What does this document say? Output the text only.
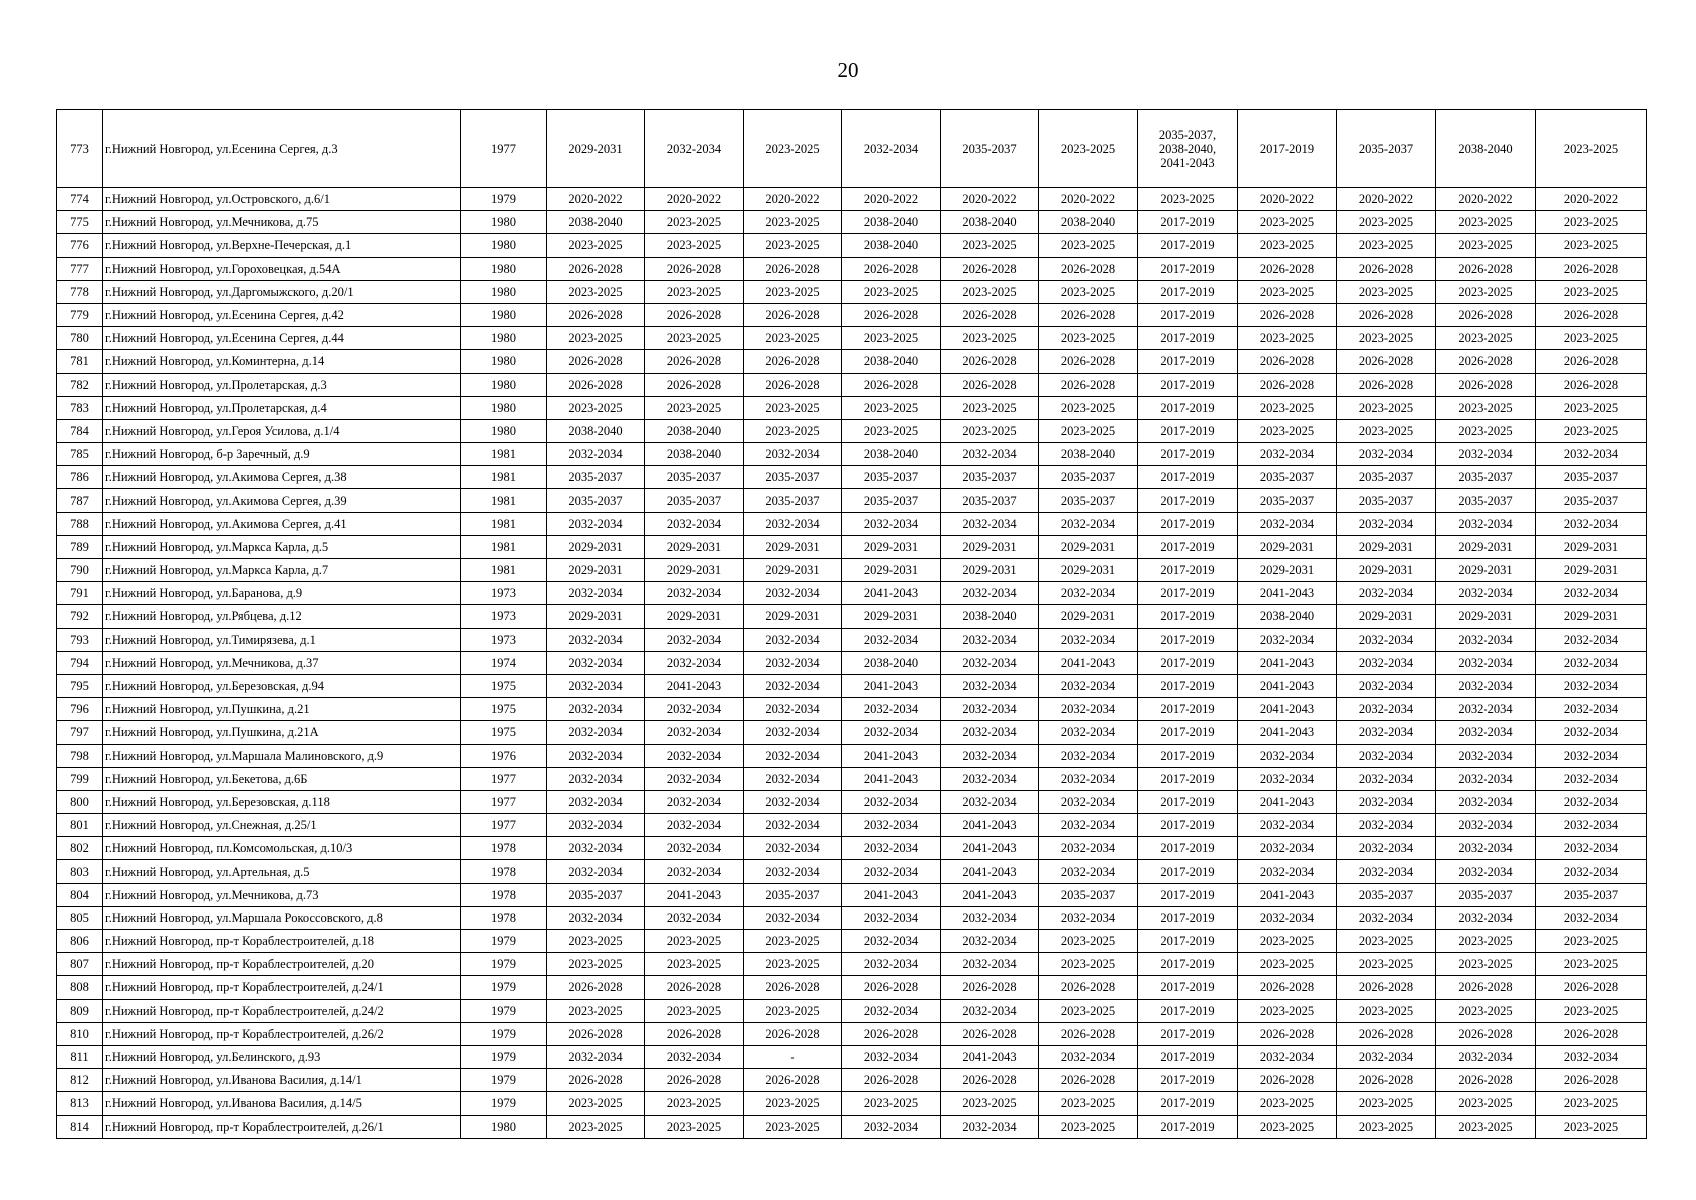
20
773	г.Нижний Новгород, ул.Есенина Сергея, д.3	1977	2029-2031	2032-2034	2023-2025	2032-2034	2035-2037	2023-2025	2035-2037,
2038-2040,
2041-2043	2017-2019	2035-2037	2038-2040	2023-2025
774	г.Нижний Новгород, ул.Островского, д.6/1	1979	2020-2022	2020-2022	2020-2022	2020-2022	2020-2022	2020-2022	2023-2025	2020-2022	2020-2022	2020-2022	2020-2022
775	г.Нижний Новгород, ул.Мечникова, д.75	1980	2038-2040	2023-2025	2023-2025	2038-2040	2038-2040	2038-2040	2017-2019	2023-2025	2023-2025	2023-2025	2023-2025
776	г.Нижний Новгород, ул.Верхне-Печерская, д.1	1980	2023-2025	2023-2025	2023-2025	2038-2040	2023-2025	2023-2025	2017-2019	2023-2025	2023-2025	2023-2025	2023-2025
777	г.Нижний Новгород, ул.Гороховецкая, д.54А	1980	2026-2028	2026-2028	2026-2028	2026-2028	2026-2028	2026-2028	2017-2019	2026-2028	2026-2028	2026-2028	2026-2028
778	г.Нижний Новгород, ул.Даргомыжского, д.20/1	1980	2023-2025	2023-2025	2023-2025	2023-2025	2023-2025	2023-2025	2017-2019	2023-2025	2023-2025	2023-2025	2023-2025
779	г.Нижний Новгород, ул.Есенина Сергея, д.42	1980	2026-2028	2026-2028	2026-2028	2026-2028	2026-2028	2026-2028	2017-2019	2026-2028	2026-2028	2026-2028	2026-2028
780	г.Нижний Новгород, ул.Есенина Сергея, д.44	1980	2023-2025	2023-2025	2023-2025	2023-2025	2023-2025	2023-2025	2017-2019	2023-2025	2023-2025	2023-2025	2023-2025
781	г.Нижний Новгород, ул.Коминтерна, д.14	1980	2026-2028	2026-2028	2026-2028	2038-2040	2026-2028	2026-2028	2017-2019	2026-2028	2026-2028	2026-2028	2026-2028
782	г.Нижний Новгород, ул.Пролетарская, д.3	1980	2026-2028	2026-2028	2026-2028	2026-2028	2026-2028	2026-2028	2017-2019	2026-2028	2026-2028	2026-2028	2026-2028
783	г.Нижний Новгород, ул.Пролетарская, д.4	1980	2023-2025	2023-2025	2023-2025	2023-2025	2023-2025	2023-2025	2017-2019	2023-2025	2023-2025	2023-2025	2023-2025
784	г.Нижний Новгород, ул.Героя Усилова, д.1/4	1980	2038-2040	2038-2040	2023-2025	2023-2025	2023-2025	2023-2025	2017-2019	2023-2025	2023-2025	2023-2025	2023-2025
785	г.Нижний Новгород, б-р Заречный, д.9	1981	2032-2034	2038-2040	2032-2034	2038-2040	2032-2034	2038-2040	2017-2019	2032-2034	2032-2034	2032-2034	2032-2034
786	г.Нижний Новгород, ул.Акимова Сергея, д.38	1981	2035-2037	2035-2037	2035-2037	2035-2037	2035-2037	2035-2037	2017-2019	2035-2037	2035-2037	2035-2037	2035-2037
787	г.Нижний Новгород, ул.Акимова Сергея, д.39	1981	2035-2037	2035-2037	2035-2037	2035-2037	2035-2037	2035-2037	2017-2019	2035-2037	2035-2037	2035-2037	2035-2037
788	г.Нижний Новгород, ул.Акимова Сергея, д.41	1981	2032-2034	2032-2034	2032-2034	2032-2034	2032-2034	2032-2034	2017-2019	2032-2034	2032-2034	2032-2034	2032-2034
789	г.Нижний Новгород, ул.Маркса Карла, д.5	1981	2029-2031	2029-2031	2029-2031	2029-2031	2029-2031	2029-2031	2017-2019	2029-2031	2029-2031	2029-2031	2029-2031
790	г.Нижний Новгород, ул.Маркса Карла, д.7	1981	2029-2031	2029-2031	2029-2031	2029-2031	2029-2031	2029-2031	2017-2019	2029-2031	2029-2031	2029-2031	2029-2031
791	г.Нижний Новгород, ул.Баранова, д.9	1973	2032-2034	2032-2034	2032-2034	2041-2043	2032-2034	2032-2034	2017-2019	2041-2043	2032-2034	2032-2034	2032-2034
792	г.Нижний Новгород, ул.Рябцева, д.12	1973	2029-2031	2029-2031	2029-2031	2029-2031	2038-2040	2029-2031	2017-2019	2038-2040	2029-2031	2029-2031	2029-2031
793	г.Нижний Новгород, ул.Тимирязева, д.1	1973	2032-2034	2032-2034	2032-2034	2032-2034	2032-2034	2032-2034	2017-2019	2032-2034	2032-2034	2032-2034	2032-2034
794	г.Нижний Новгород, ул.Мечникова, д.37	1974	2032-2034	2032-2034	2032-2034	2038-2040	2032-2034	2041-2043	2017-2019	2041-2043	2032-2034	2032-2034	2032-2034
795	г.Нижний Новгород, ул.Березовская, д.94	1975	2032-2034	2041-2043	2032-2034	2041-2043	2032-2034	2032-2034	2017-2019	2041-2043	2032-2034	2032-2034	2032-2034
796	г.Нижний Новгород, ул.Пушкина, д.21	1975	2032-2034	2032-2034	2032-2034	2032-2034	2032-2034	2032-2034	2017-2019	2041-2043	2032-2034	2032-2034	2032-2034
797	г.Нижний Новгород, ул.Пушкина, д.21А	1975	2032-2034	2032-2034	2032-2034	2032-2034	2032-2034	2032-2034	2017-2019	2041-2043	2032-2034	2032-2034	2032-2034
798	г.Нижний Новгород, ул.Маршала Малиновского, д.9	1976	2032-2034	2032-2034	2032-2034	2041-2043	2032-2034	2032-2034	2017-2019	2032-2034	2032-2034	2032-2034	2032-2034
799	г.Нижний Новгород, ул.Бекетова, д.6Б	1977	2032-2034	2032-2034	2032-2034	2041-2043	2032-2034	2032-2034	2017-2019	2032-2034	2032-2034	2032-2034	2032-2034
800	г.Нижний Новгород, ул.Березовская, д.118	1977	2032-2034	2032-2034	2032-2034	2032-2034	2032-2034	2032-2034	2017-2019	2041-2043	2032-2034	2032-2034	2032-2034
801	г.Нижний Новгород, ул.Снежная, д.25/1	1977	2032-2034	2032-2034	2032-2034	2032-2034	2041-2043	2032-2034	2017-2019	2032-2034	2032-2034	2032-2034	2032-2034
802	г.Нижний Новгород, пл.Комсомольская, д.10/3	1978	2032-2034	2032-2034	2032-2034	2032-2034	2041-2043	2032-2034	2017-2019	2032-2034	2032-2034	2032-2034	2032-2034
803	г.Нижний Новгород, ул.Артельная, д.5	1978	2032-2034	2032-2034	2032-2034	2032-2034	2041-2043	2032-2034	2017-2019	2032-2034	2032-2034	2032-2034	2032-2034
804	г.Нижний Новгород, ул.Мечникова, д.73	1978	2035-2037	2041-2043	2035-2037	2041-2043	2041-2043	2035-2037	2017-2019	2041-2043	2035-2037	2035-2037	2035-2037
805	г.Нижний Новгород, ул.Маршала Рокоссовского, д.8	1978	2032-2034	2032-2034	2032-2034	2032-2034	2032-2034	2032-2034	2017-2019	2032-2034	2032-2034	2032-2034	2032-2034
806	г.Нижний Новгород, пр-т Кораблестроителей, д.18	1979	2023-2025	2023-2025	2023-2025	2032-2034	2032-2034	2023-2025	2017-2019	2023-2025	2023-2025	2023-2025	2023-2025
807	г.Нижний Новгород, пр-т Кораблестроителей, д.20	1979	2023-2025	2023-2025	2023-2025	2032-2034	2032-2034	2023-2025	2017-2019	2023-2025	2023-2025	2023-2025	2023-2025
808	г.Нижний Новгород, пр-т Кораблестроителей, д.24/1	1979	2026-2028	2026-2028	2026-2028	2026-2028	2026-2028	2026-2028	2017-2019	2026-2028	2026-2028	2026-2028	2026-2028
809	г.Нижний Новгород, пр-т Кораблестроителей, д.24/2	1979	2023-2025	2023-2025	2023-2025	2032-2034	2032-2034	2023-2025	2017-2019	2023-2025	2023-2025	2023-2025	2023-2025
810	г.Нижний Новгород, пр-т Кораблестроителей, д.26/2	1979	2026-2028	2026-2028	2026-2028	2026-2028	2026-2028	2026-2028	2017-2019	2026-2028	2026-2028	2026-2028	2026-2028
811	г.Нижний Новгород, ул.Белинского, д.93	1979	2032-2034	2032-2034	-	2032-2034	2041-2043	2032-2034	2017-2019	2032-2034	2032-2034	2032-2034	2032-2034
812	г.Нижний Новгород, ул.Иванова Василия, д.14/1	1979	2026-2028	2026-2028	2026-2028	2026-2028	2026-2028	2026-2028	2017-2019	2026-2028	2026-2028	2026-2028	2026-2028
813	г.Нижний Новгород, ул.Иванова Василия, д.14/5	1979	2023-2025	2023-2025	2023-2025	2023-2025	2023-2025	2023-2025	2017-2019	2023-2025	2023-2025	2023-2025	2023-2025
814	г.Нижний Новгород, пр-т Кораблестроителей, д.26/1	1980	2023-2025	2023-2025	2023-2025	2032-2034	2032-2034	2023-2025	2017-2019	2023-2025	2023-2025	2023-2025	2023-2025
